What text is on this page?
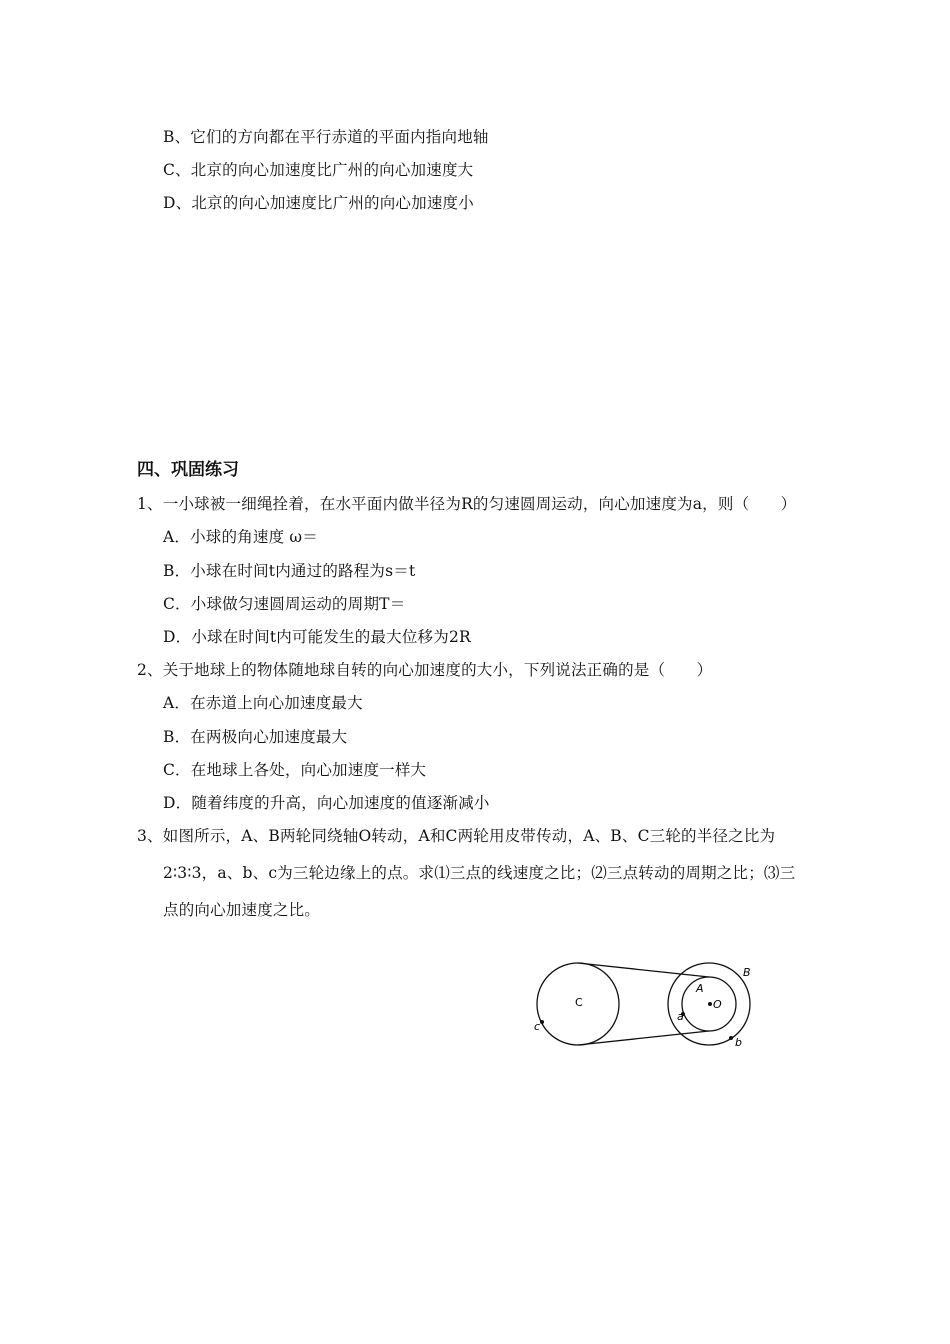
B、它们的方向都在平行赤道的平面内指向地轴
C、北京的向心加速度比广州的向心加速度大
D、北京的向心加速度比广州的向心加速度小
四、巩固练习
1、一小球被一细绳拴着，在水平面内做半径为R的匀速圆周运动，向心加速度为a，则（　　）
A．小球的角速度 ω＝
B．小球在时间t内通过的路程为s＝t
C．小球做匀速圆周运动的周期T＝
D．小球在时间t内可能发生的最大位移为2R
2、关于地球上的物体随地球自转的向心加速度的大小，下列说法正确的是（　　）
A．在赤道上向心加速度最大
B．在两极向心加速度最大
C．在地球上各处，向心加速度一样大
D．随着纬度的升高，向心加速度的值逐渐减小
3、如图所示，A、B两轮同绕轴O转动，A和C两轮用皮带传动，A、B、C三轮的半径之比为
2∶3∶3，a、b、c为三轮边缘上的点。求⑴三点的线速度之比；⑵三点转动的周期之比；⑶三
点的向心加速度之比。
C
A
B
O
a
b
c
